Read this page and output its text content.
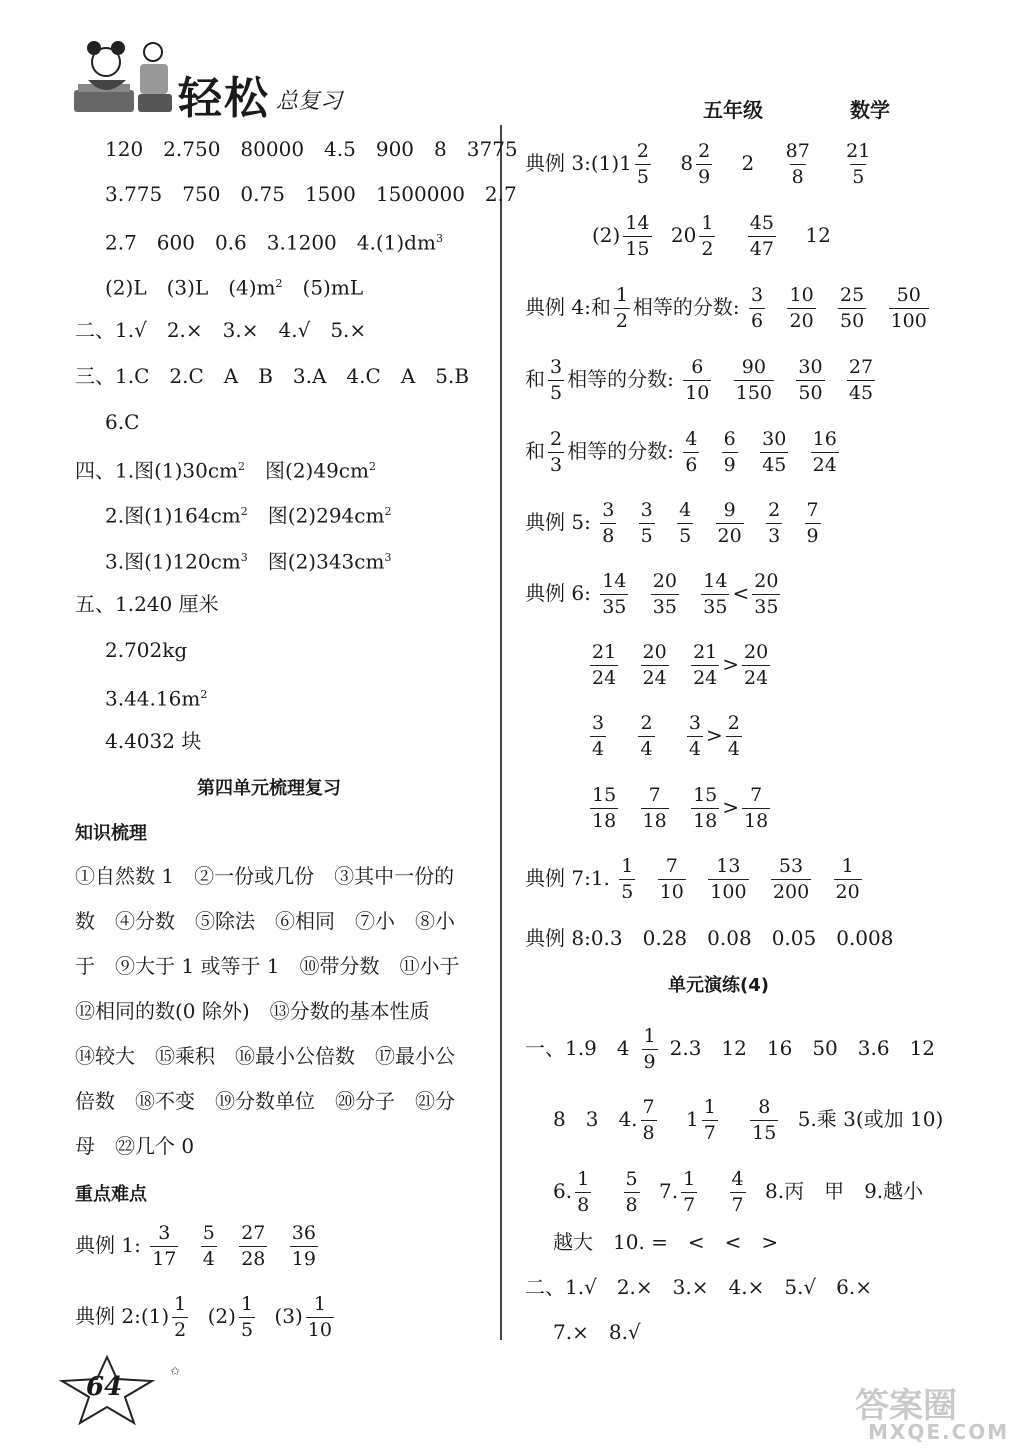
轻松 总复习	五年级	数学
120　2.750　80000　4.5　900　8　3775
3.775　750　0.75　1500　1500000　2.7
2.7　600　0.6　3.1200　$4.(1)dm^3$
(2)L　(3)L　$(4)m^2$　(5)mL
二、1.√　2.×　3.×　4.√　5.×
三、1.C　2.C　A　B　3.A　4.C　A　5.B
6.C
四、1.图$(1)30cm^2$　图$(2)49cm^2$
2.图$(1)164cm^2$　图$(2)294cm^2$
3.图$(1)120cm^3$　图$(2)343cm^3$
五、1.240 厘米
2.702kg
$3.44.16m^2$
4.4032 块
第四单元梳理复习
知识梳理
①自然数 1　②一份或几份　③其中一份的
数　④分数　⑤除法　⑥相同　⑦小　⑧小
于　⑨大于 1 或等于 1　⑩带分数　⑪小于
⑫相同的数(0 除外)　⑬分数的基本性质
⑭较大　⑮乘积　⑯最小公倍数　⑰最小公
倍数　⑱不变　⑲分数单位　⑳分子　㉑分
母　㉒几个 0
重点难点
典例 1: $\frac{3}{17}$
$\frac{5}{4}$
$\frac{27}{28}$
$\frac{36}{19}$
典例 2:(1) $\frac{1}{2} (2) \frac{1}{5} (3) \frac{1}{10}$
典例 3:(1)1 $\frac{2}{5} 8 \frac{2}{9} 2 \frac{87}{8}$
$\frac{21}{5}$
$(2) \frac{14}{15} 20 \frac{1}{2}$
$\frac{45}{47} 12$
典例 4:和 $\frac{1}{2}$ 相等的分数: $\frac{3}{6}$
$\frac{10}{20}$
$\frac{25}{50}$
$\frac{50}{100}$
和 $\frac{3}{5}$ 相等的分数: $\frac{6}{10}$
$\frac{90}{150}$
$\frac{30}{50}$
$\frac{27}{45}$
和 $\frac{2}{3}$ 相等的分数: $\frac{4}{6}$
$\frac{6}{9}$
$\frac{30}{45}$
$\frac{16}{24}$
典例 5: $\frac{3}{8}$
$\frac{3}{5}$
$\frac{4}{5}$
$\frac{9}{20}$
$\frac{2}{3}$
$\frac{7}{9}$
典例 6: $\frac{14}{35}$
$\frac{20}{35}$
$\frac{14}{35} < \frac{20}{35}$
$\frac{21}{24}$
$\frac{20}{24}$
$\frac{21}{24} > \frac{20}{24}$
$\frac{3}{4}$
$\frac{2}{4}$
$\frac{3}{4} > \frac{2}{4}$
$\frac{15}{18}$
$\frac{7}{18}$
$\frac{15}{18} > \frac{7}{18}$
典例 7:1. $\frac{1}{5}$
$\frac{7}{10}$
$\frac{13}{100}$
$\frac{53}{200}$
$\frac{1}{20}$
典例 8:0.3　0.28　0.08　0.05　0.008
单元演练(4)
一、1.9　$4 \frac{1}{9} 2.3$　12　16　50　3.6　12
8　3　4. $\frac{7}{8} 1 \frac{1}{7}$
$\frac{8}{15} 5$.乘 3(或加 10)
6. $\frac{1}{8}$
$\frac{5}{8} 7$. $\frac{1}{7}$
$\frac{4}{7} 8$.丙　甲　9.越小
越大　10. =　<　<　>
二、1.√　2.×　3.×　4.×　5.√　6.×
7.×　8.√
✩
64	答案圈
MXQE.COM
